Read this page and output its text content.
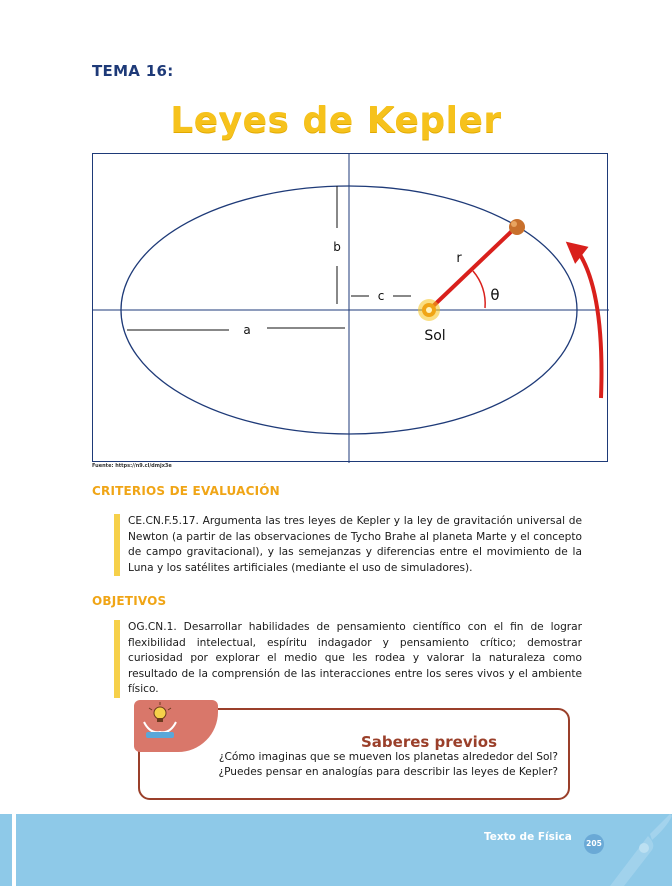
TEMA 16:
Leyes de Kepler
b
c
a
r
θ
Sol
Fuente: https://n9.cl/dmjx3e
CRITERIOS DE EVALUACIÓN
CE.CN.F.5.17. Argumenta las tres leyes de Kepler y la ley de gravitación universal de Newton (a partir de las observaciones de Tycho Brahe al planeta Marte y el concepto de campo gravitacional), y las semejanzas y diferencias entre el movimiento de la Luna y los satélites artificiales (mediante el uso de simuladores).
OBJETIVOS
OG.CN.1. Desarrollar habilidades de pensamiento científico con el fin de lograr flexibilidad intelectual, espíritu indagador y pensamiento crítico; demostrar curiosidad por explorar el medio que les rodea y valorar la naturaleza como resultado de la comprensión de las interacciones entre los seres vivos y el ambiente físico.
Saberes previos
¿Cómo imaginas que se mueven los planetas alrededor del Sol?
¿Puedes pensar en analogías para describir las leyes de Kepler?
Texto de Física
205
